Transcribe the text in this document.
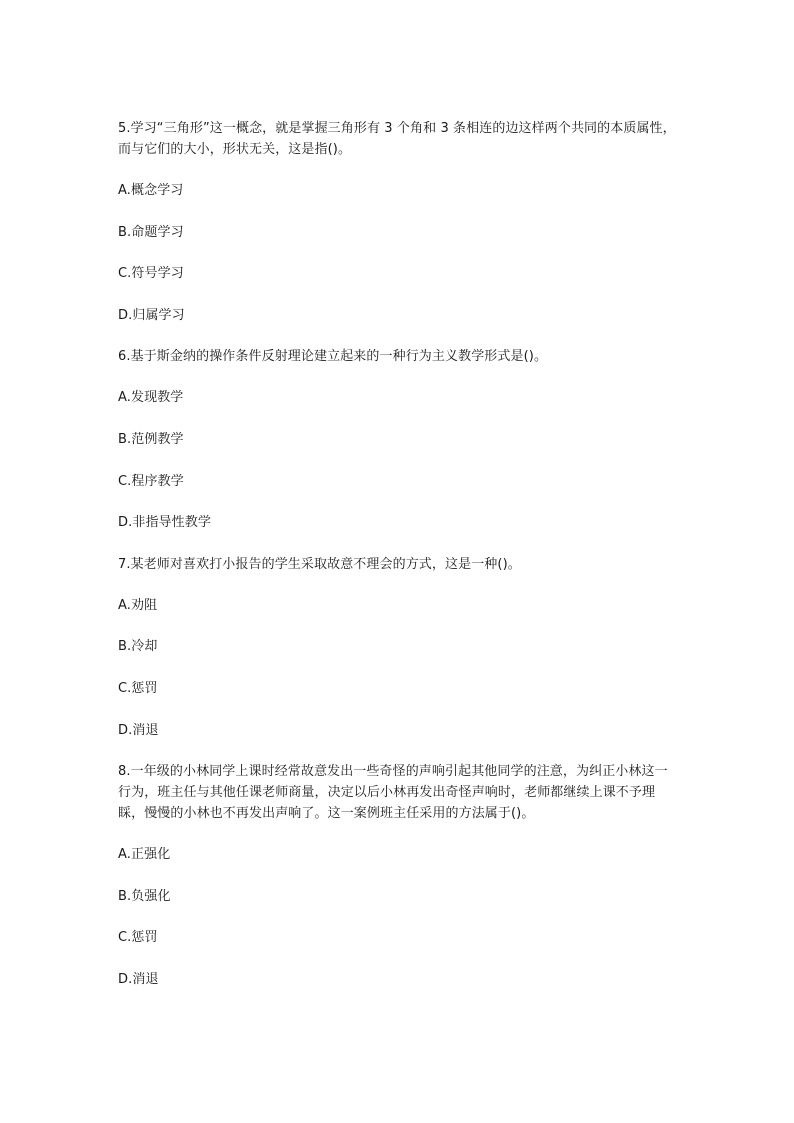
5.学习“三角形”这一概念，就是掌握三角形有 3 个角和 3 条相连的边这样两个共同的本质属性，而与它们的大小，形状无关，这是指()。

A.概念学习

B.命题学习

C.符号学习

D.归属学习

6.基于斯金纳的操作条件反射理论建立起来的一种行为主义教学形式是()。

A.发现教学

B.范例教学

C.程序教学

D.非指导性教学

7.某老师对喜欢打小报告的学生采取故意不理会的方式，这是一种()。

A.劝阻

B.冷却

C.惩罚

D.消退

8.一年级的小林同学上课时经常故意发出一些奇怪的声响引起其他同学的注意，为纠正小林这一行为，班主任与其他任课老师商量，决定以后小林再发出奇怪声响时，老师都继续上课不予理睬，慢慢的小林也不再发出声响了。这一案例班主任采用的方法属于()。

A.正强化

B.负强化

C.惩罚

D.消退
